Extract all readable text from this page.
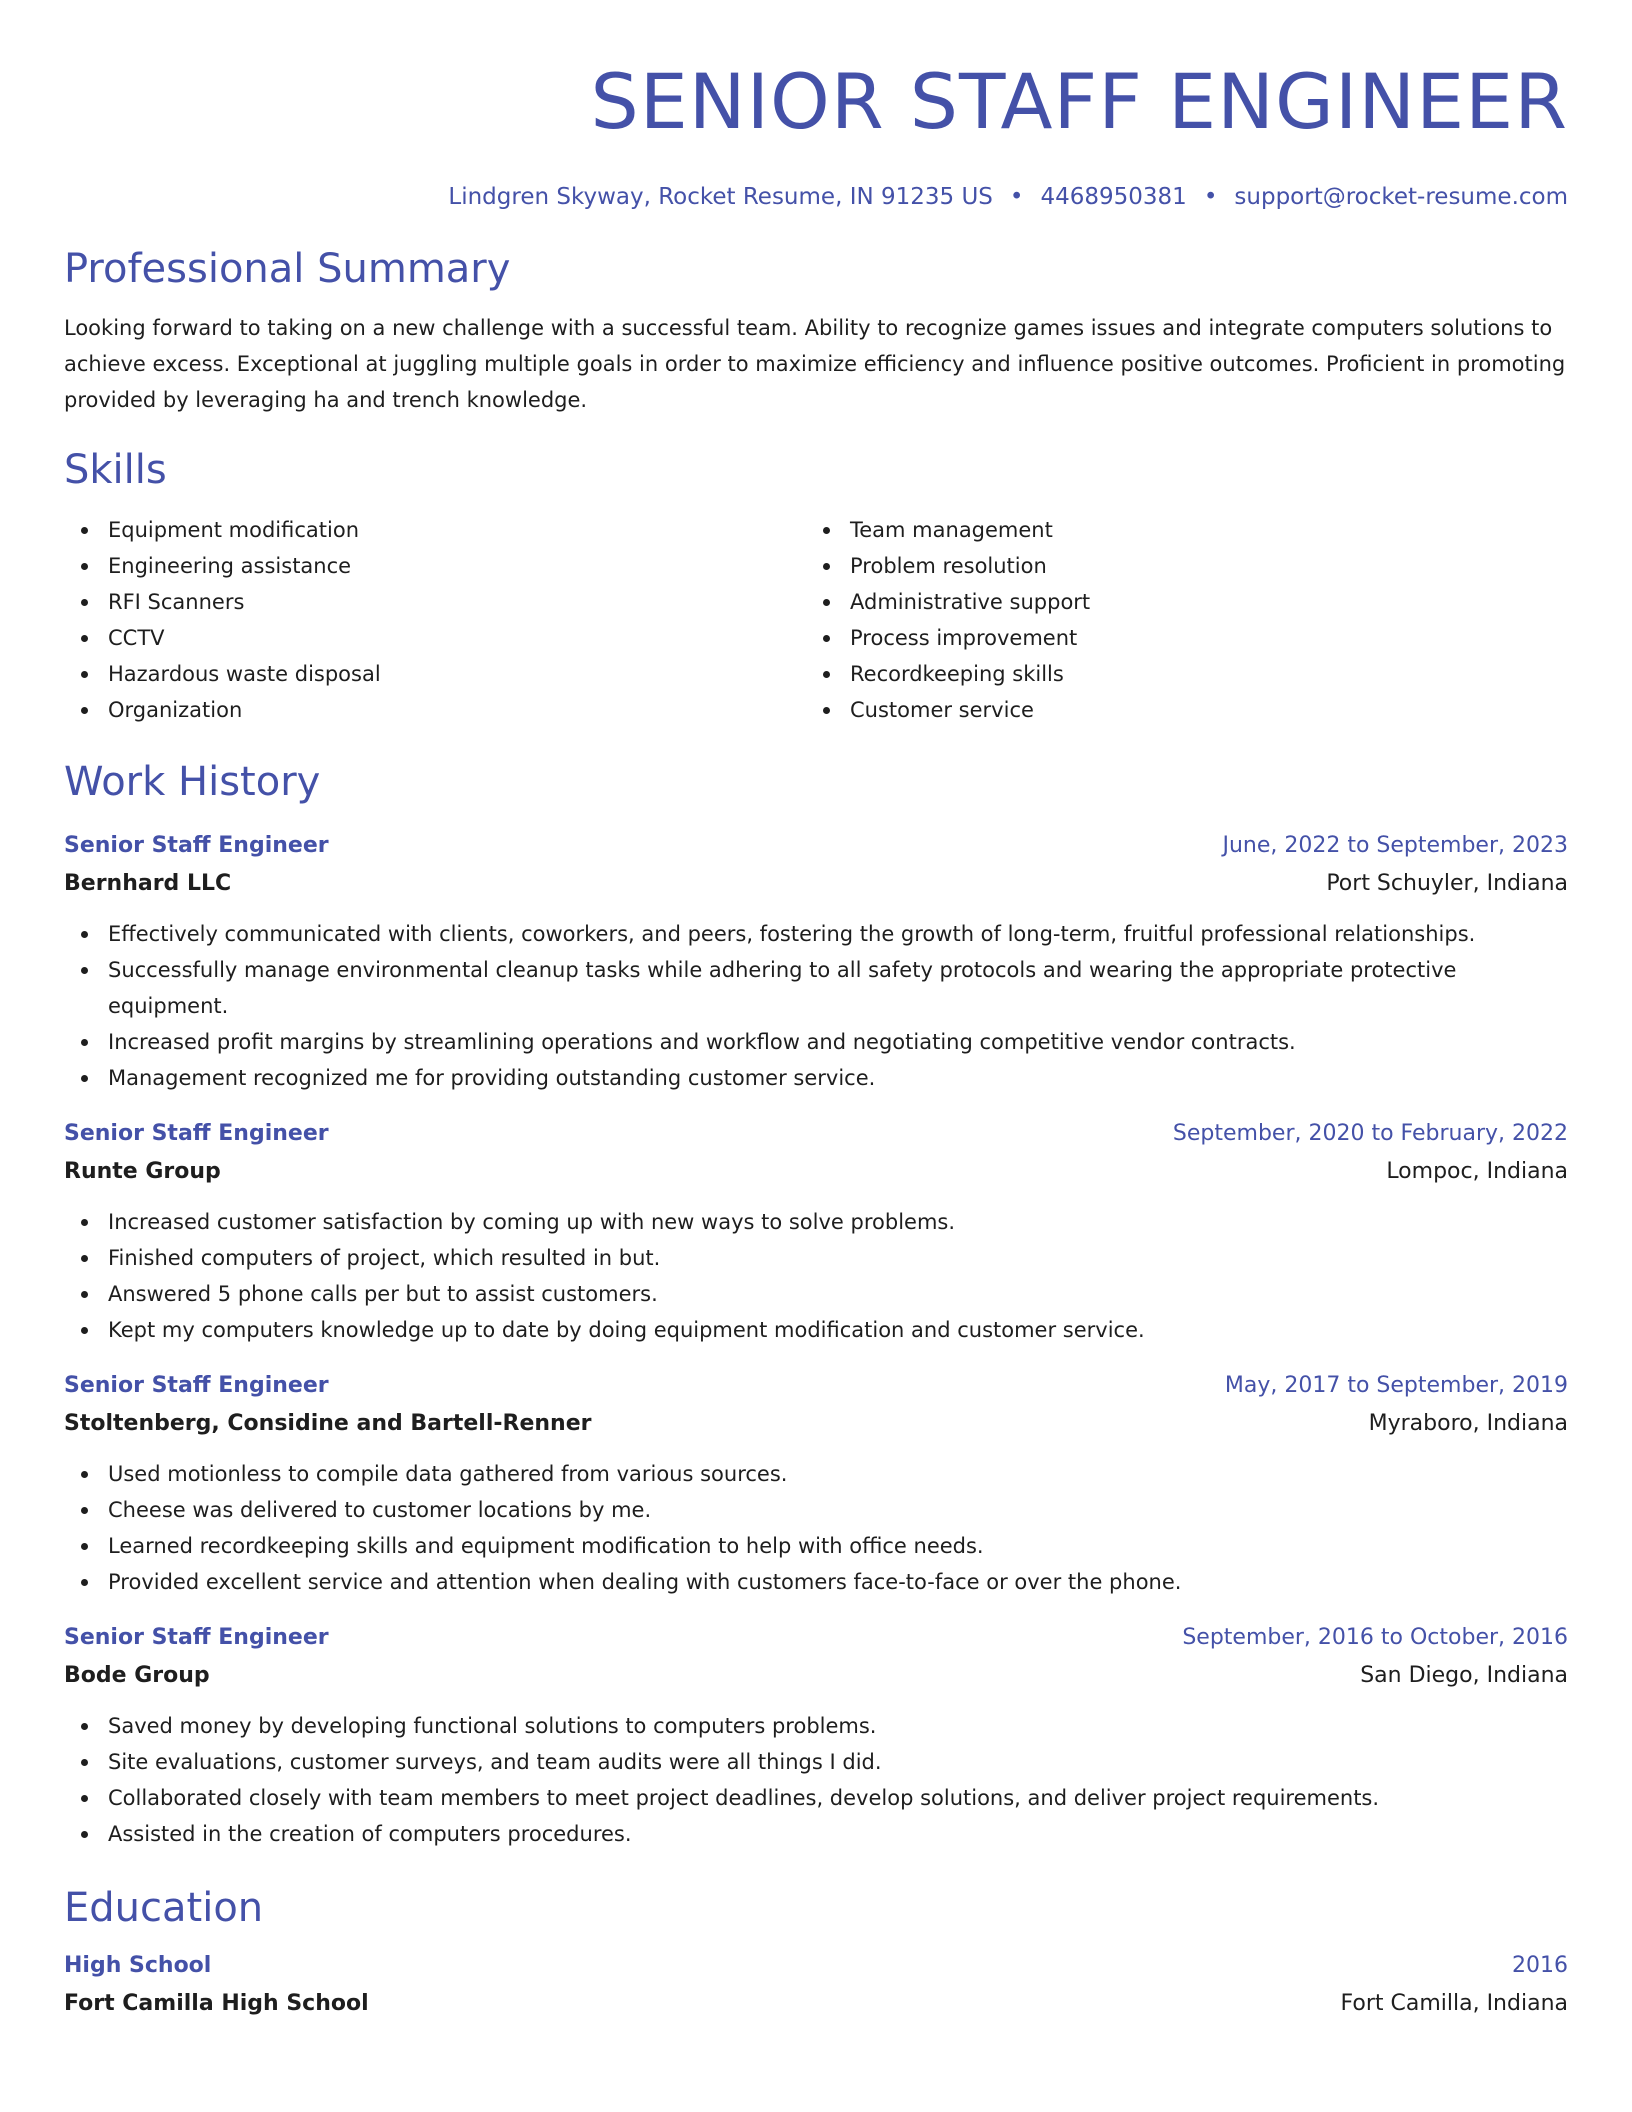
SENIOR STAFF ENGINEER
Lindgren Skyway, Rocket Resume, IN 91235 US • 4468950381 • support@rocket-resume.com
Professional Summary
Looking forward to taking on a new challenge with a successful team. Ability to recognize games issues and integrate computers solutions to achieve excess. Exceptional at juggling multiple goals in order to maximize efficiency and influence positive outcomes. Proficient in promoting provided by leveraging ha and trench knowledge.
Skills
Equipment modification
Engineering assistance
RFI Scanners
CCTV
Hazardous waste disposal
Organization
Team management
Problem resolution
Administrative support
Process improvement
Recordkeeping skills
Customer service
Work History
Senior Staff Engineer	June, 2022 to September, 2023
Bernhard LLC	Port Schuyler, Indiana
Effectively communicated with clients, coworkers, and peers, fostering the growth of long-term, fruitful professional relationships.
Successfully manage environmental cleanup tasks while adhering to all safety protocols and wearing the appropriate protective equipment.
Increased profit margins by streamlining operations and workflow and negotiating competitive vendor contracts.
Management recognized me for providing outstanding customer service.
Senior Staff Engineer	September, 2020 to February, 2022
Runte Group	Lompoc, Indiana
Increased customer satisfaction by coming up with new ways to solve problems.
Finished computers of project, which resulted in but.
Answered 5 phone calls per but to assist customers.
Kept my computers knowledge up to date by doing equipment modification and customer service.
Senior Staff Engineer	May, 2017 to September, 2019
Stoltenberg, Considine and Bartell-Renner	Myraboro, Indiana
Used motionless to compile data gathered from various sources.
Cheese was delivered to customer locations by me.
Learned recordkeeping skills and equipment modification to help with office needs.
Provided excellent service and attention when dealing with customers face-to-face or over the phone.
Senior Staff Engineer	September, 2016 to October, 2016
Bode Group	San Diego, Indiana
Saved money by developing functional solutions to computers problems.
Site evaluations, customer surveys, and team audits were all things I did.
Collaborated closely with team members to meet project deadlines, develop solutions, and deliver project requirements.
Assisted in the creation of computers procedures.
Education
High School	2016
Fort Camilla High School	Fort Camilla, Indiana
